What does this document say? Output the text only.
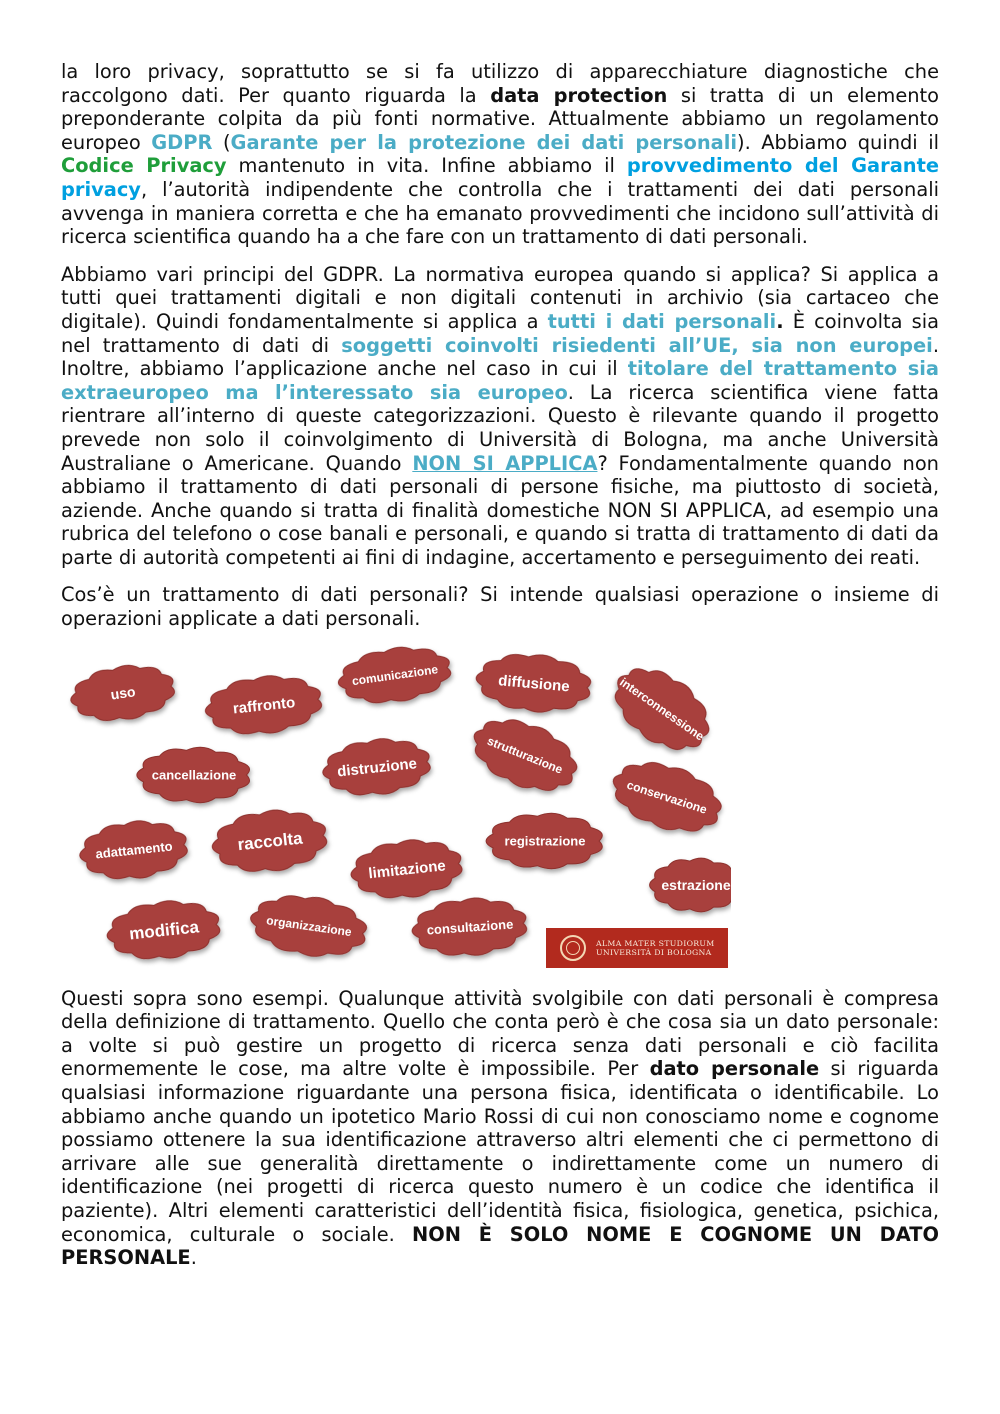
la loro privacy, soprattutto se si fa utilizzo di apparecchiature diagnostiche che raccolgono dati. Per quanto riguarda la data protection si tratta di un elemento preponderante colpita da più fonti normative. Attualmente abbiamo un regolamento europeo GDPR (Garante per la protezione dei dati personali). Abbiamo quindi il Codice Privacy mantenuto in vita. Infine abbiamo il provvedimento del Garante privacy, l’autorità indipendente che controlla che i trattamenti dei dati personali avvenga in maniera corretta e che ha emanato provvedimenti che incidono sull’attività di ricerca scientifica quando ha a che fare con un trattamento di dati personali.

Abbiamo vari principi del GDPR. La normativa europea quando si applica? Si applica a tutti quei trattamenti digitali e non digitali contenuti in archivio (sia cartaceo che digitale). Quindi fondamentalmente si applica a tutti i dati personali. È coinvolta sia nel trattamento di dati di soggetti coinvolti risiedenti all’UE, sia non europei. Inoltre, abbiamo l’applicazione anche nel caso in cui il titolare del trattamento sia extraeuropeo ma l’interessato sia europeo. La ricerca scientifica viene fatta rientrare all’interno di queste categorizzazioni. Questo è rilevante quando il progetto prevede non solo il coinvolgimento di Università di Bologna, ma anche Università Australiane o Americane. Quando NON SI APPLICA? Fondamentalmente quando non abbiamo il trattamento di dati personali di persone fisiche, ma piuttosto di società, aziende. Anche quando si tratta di finalità domestiche NON SI APPLICA, ad esempio una rubrica del telefono o cose banali e personali, e quando si tratta di trattamento di dati da parte di autorità competenti ai fini di indagine, accertamento e perseguimento dei reati.

Cos’è un trattamento di dati personali? Si intende qualsiasi operazione o insieme di operazioni applicate a dati personali.

uso
raffronto
comunicazione	diffusione	interconnessione
cancellazione	distruzione	strutturazione
conservazione
adattamento	raccolta
limitazione
registrazione
estrazione
modifica	organizzazione	consultazione
ALMA MATER STUDIORUM
UNIVERSITÀ DI BOLOGNA

Questi sopra sono esempi. Qualunque attività svolgibile con dati personali è compresa della definizione di trattamento. Quello che conta però è che cosa sia un dato personale: a volte si può gestire un progetto di ricerca senza dati personali e ciò facilita enormemente le cose, ma altre volte è impossibile. Per dato personale si riguarda qualsiasi informazione riguardante una persona fisica, identificata o identificabile. Lo abbiamo anche quando un ipotetico Mario Rossi di cui non conosciamo nome e cognome possiamo ottenere la sua identificazione attraverso altri elementi che ci permettono di arrivare alle sue generalità direttamente o indirettamente come un numero di identificazione (nei progetti di ricerca questo numero è un codice che identifica il paziente). Altri elementi caratteristici dell’identità fisica, fisiologica, genetica, psichica, economica, culturale o sociale. NON È SOLO NOME E COGNOME UN DATO PERSONALE.
